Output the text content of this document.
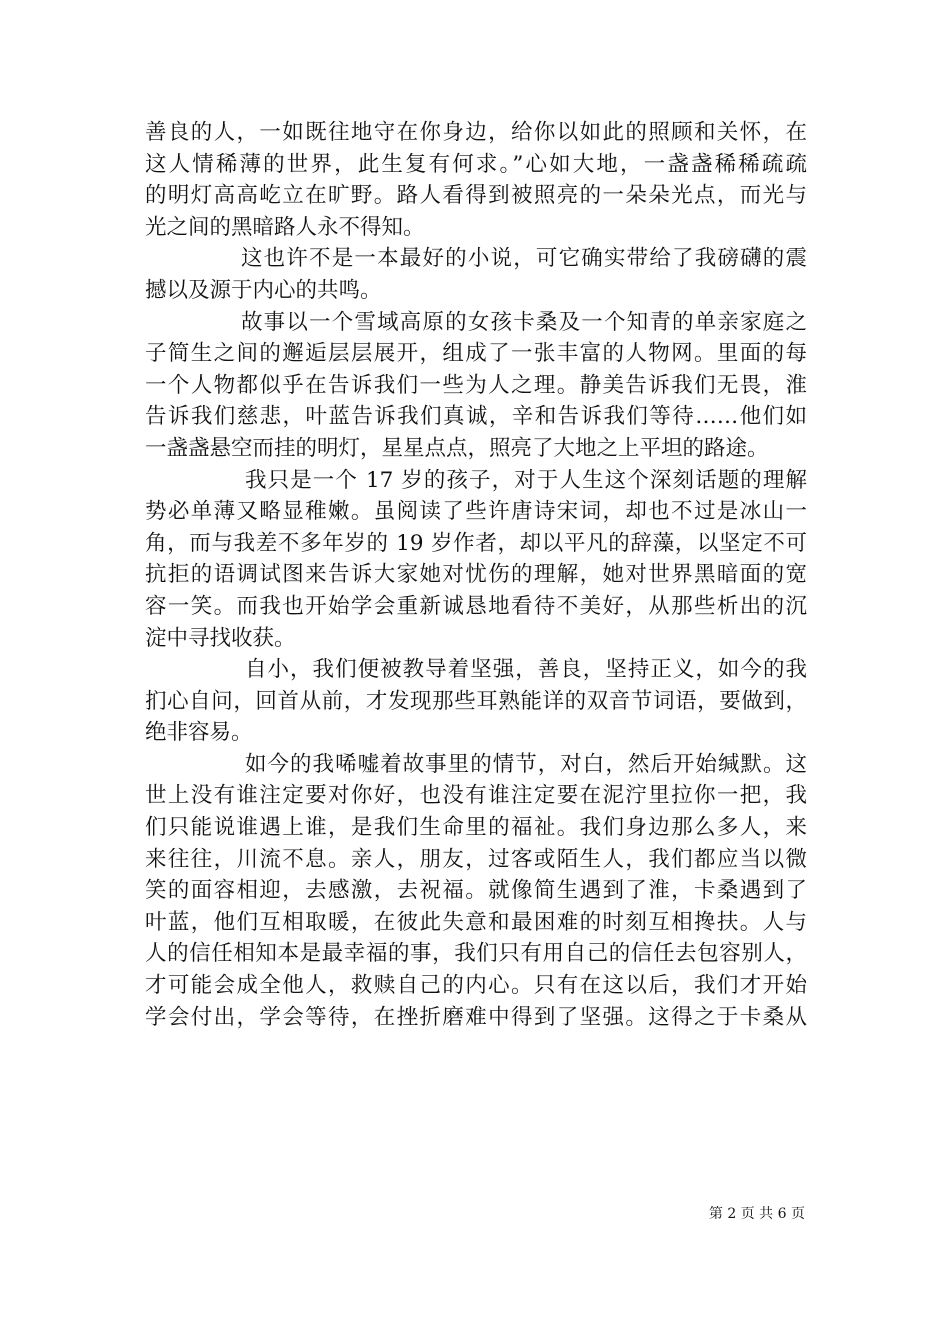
善良的人，一如既往地守在你身边，给你以如此的照顾和关怀，在
这人情稀薄的世界，此生复有何求。”心如大地，一盏盏稀稀疏疏
的明灯高高屹立在旷野。路人看得到被照亮的一朵朵光点，而光与
光之间的黑暗路人永不得知。

这也许不是一本最好的小说，可它确实带给了我磅礴的震
撼以及源于内心的共鸣。

故事以一个雪域高原的女孩卡桑及一个知青的单亲家庭之
子简生之间的邂逅层层展开，组成了一张丰富的人物网。里面的每
一个人物都似乎在告诉我们一些为人之理。静美告诉我们无畏，淮
告诉我们慈悲，叶蓝告诉我们真诚，辛和告诉我们等待……他们如
一盏盏悬空而挂的明灯，星星点点，照亮了大地之上平坦的路途。

我只是一个 17 岁的孩子，对于人生这个深刻话题的理解
势必单薄又略显稚嫩。虽阅读了些许唐诗宋词，却也不过是冰山一
角，而与我差不多年岁的 19 岁作者，却以平凡的辞藻，以坚定不可
抗拒的语调试图来告诉大家她对忧伤的理解，她对世界黑暗面的宽
容一笑。而我也开始学会重新诚恳地看待不美好，从那些析出的沉
淀中寻找收获。

自小，我们便被教导着坚强，善良，坚持正义，如今的我
扪心自问，回首从前，才发现那些耳熟能详的双音节词语，要做到，
绝非容易。

如今的我唏嘘着故事里的情节，对白，然后开始缄默。这
世上没有谁注定要对你好，也没有谁注定要在泥泞里拉你一把，我
们只能说谁遇上谁，是我们生命里的福祉。我们身边那么多人，来
来往往，川流不息。亲人，朋友，过客或陌生人，我们都应当以微
笑的面容相迎，去感激，去祝福。就像简生遇到了淮，卡桑遇到了
叶蓝，他们互相取暖，在彼此失意和最困难的时刻互相搀扶。人与
人的信任相知本是最幸福的事，我们只有用自己的信任去包容别人，
才可能会成全他人，救赎自己的内心。只有在这以后，我们才开始
学会付出，学会等待，在挫折磨难中得到了坚强。这得之于卡桑从

第 2 页 共 6 页
